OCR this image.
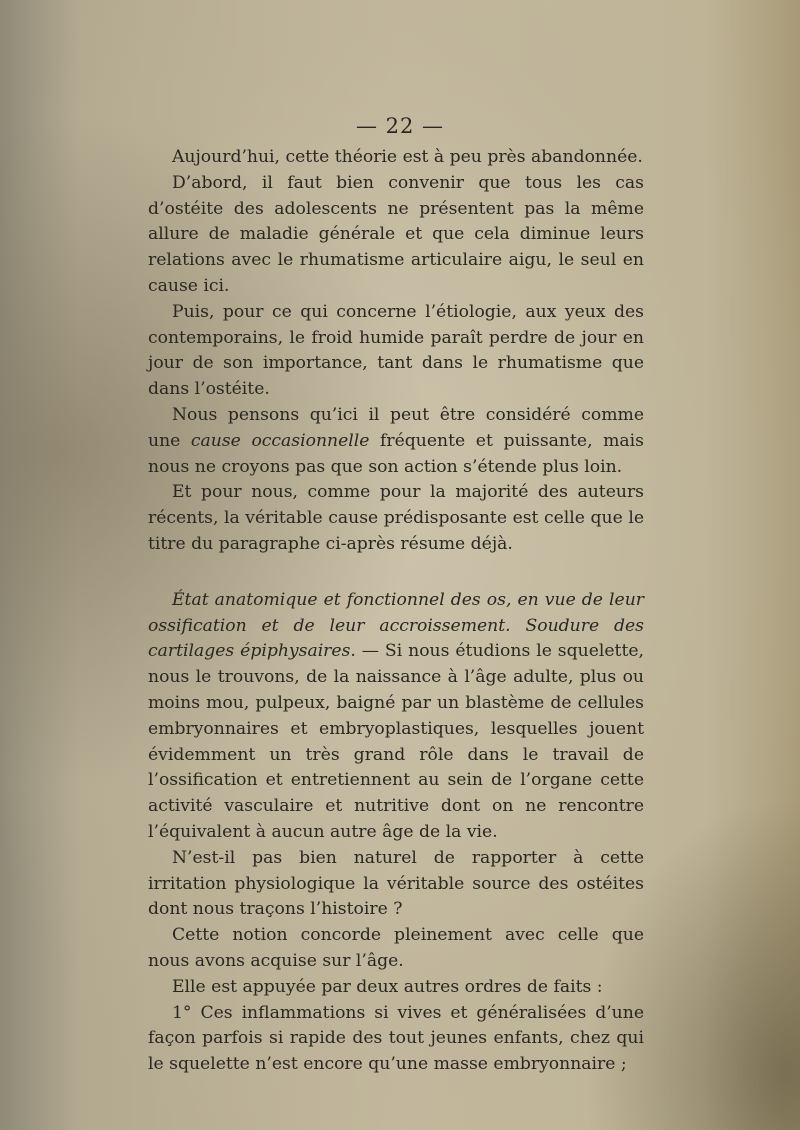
— 22 —

Aujourd’hui, cette théorie est à peu près abandonnée.

D’abord, il faut bien convenir que tous les cas d’ostéite des adolescents ne présentent pas la même allure de maladie générale et que cela diminue leurs relations avec le rhumatisme articulaire aigu, le seul en cause ici.

Puis, pour ce qui concerne l’étiologie, aux yeux des contemporains, le froid humide paraît perdre de jour en jour de son importance, tant dans le rhumatisme que dans l’ostéite.

Nous pensons qu’ici il peut être considéré comme une cause occasionnelle fréquente et puissante, mais nous ne croyons pas que son action s’étende plus loin.

Et pour nous, comme pour la majorité des auteurs récents, la véritable cause prédisposante est celle que le titre du paragraphe ci-après résume déjà.

État anatomique et fonctionnel des os, en vue de leur ossification et de leur accroissement. Soudure des cartilages épiphysaires. — Si nous étudions le squelette, nous le trouvons, de la naissance à l’âge adulte, plus ou moins mou, pulpeux, baigné par un blastème de cellules embryonnaires et embryoplastiques, lesquelles jouent évidemment un très grand rôle dans le travail de l’ossification et entretiennent au sein de l’organe cette activité vasculaire et nutritive dont on ne rencontre l’équivalent à aucun autre âge de la vie.

N’est-il pas bien naturel de rapporter à cette irritation physiologique la véritable source des ostéites dont nous traçons l’histoire ?

Cette notion concorde pleinement avec celle que nous avons acquise sur l’âge.

Elle est appuyée par deux autres ordres de faits :

1° Ces inflammations si vives et généralisées d’une façon parfois si rapide des tout jeunes enfants, chez qui le squelette n’est encore qu’une masse embryonnaire ;
